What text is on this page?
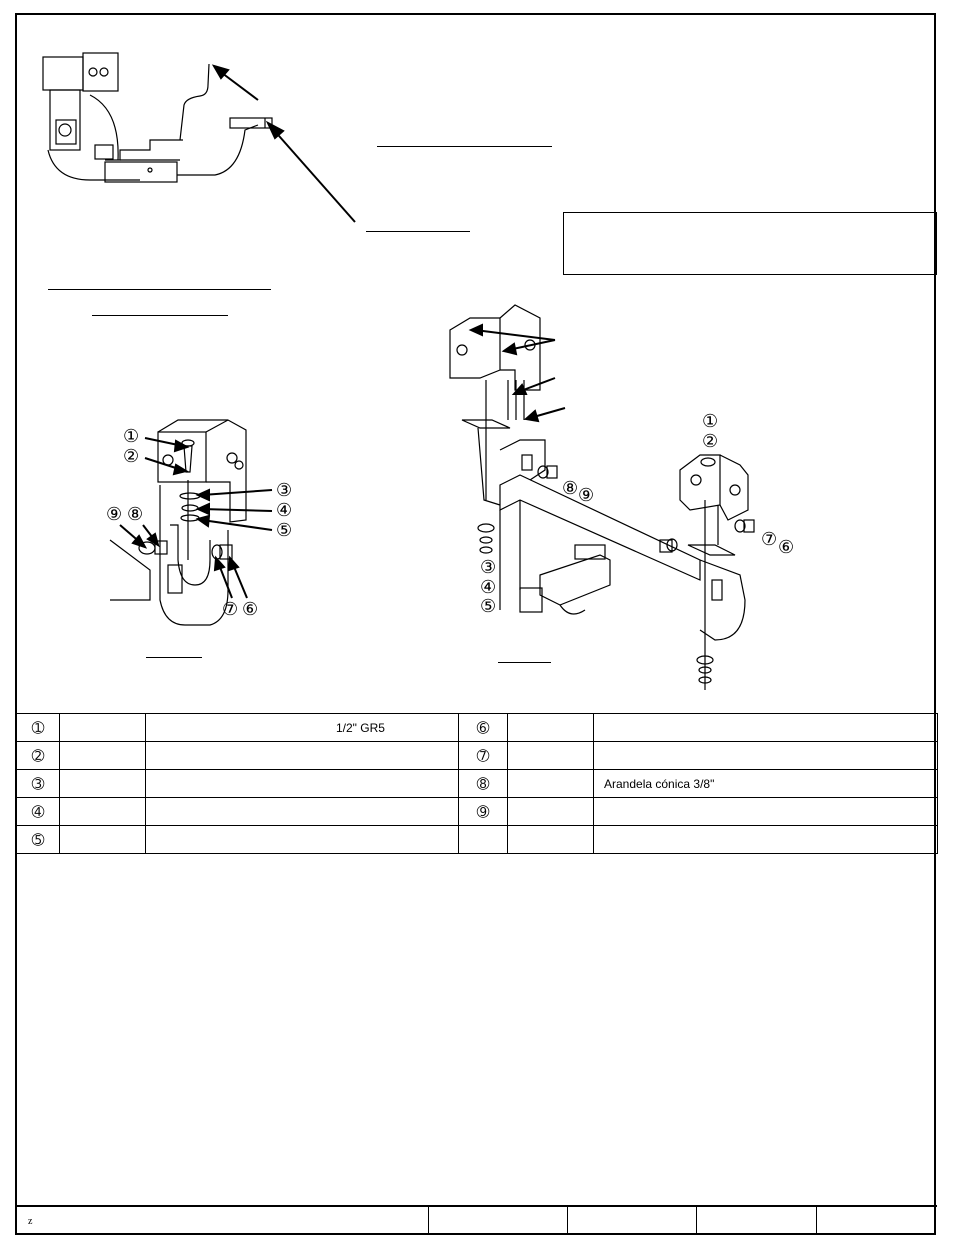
①
②
③
④
⑤
⑨ ⑧
⑦ ⑥
①
②
⑧ ⑨
⑦ ⑥
③
④
⑤
➀		1/2" GR5	➅		
➁			➆		
➂			➇		Arandela cónica 3/8"
➃			➈		
➄					
z				
